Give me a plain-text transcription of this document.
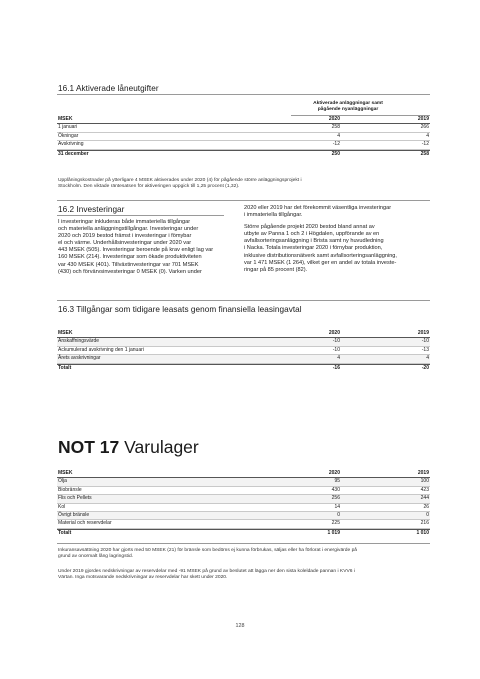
16.1 Aktiverade låneutgifter
Aktiverade anläggningar samt
pågående nyanläggningar
MSEK	2020	2019
1 januari	258	266
Ökningar	4	4
Avskrivning	-12	-12
31 december	250	258
Upplåningskostnader på ytterligare 4 MSEK aktiverades under 2020 (4) för pågående större anläggningsprojekt i
Stockholm. Den viktade räntesatsen för aktiveringen uppgick till 1,25 procent (1,32).
16.2 Investeringar
I investeringar inkluderas både immateriella tillgångar
och materiella anläggningstillgångar. Investeringar under
2020 och 2019 bestod främst i investeringar i fömybar
el och värme. Underhållsinvesteringar under 2020 var
443 MSEK (505). Investeringar beroende på krav enligt lag var
160 MSEK (214). Investeringar som ökade produktiviteten
var 430 MSEK (401). Tillväxtinvesteringar var 701 MSEK
(430) och förvärvsinvesteringar 0 MSEK (0). Varken under
2020 eller 2019 har det förekommit väsentliga investeringar
i immateriella tillgångar.
Större pågående projekt 2020 bestod bland annat av
utbyte av Panna 1 och 2 i Högdalen, uppförande av en
avfallsorteringsanläggning i Brista samt ny huvudledning
i Nacka. Totala investeringar 2020 i förnybar produktion,
inklusive distributionsnätverk samt avfallsorteringsanläggning,
var 1 471 MSEK (1 264), vilket ger en andel av totala investe-
ringar på 85 procent (82).
16.3 Tillgångar som tidigare leasats genom finansiella leasingavtal
MSEK	2020	2019
Anskaffningsvärde	-10	-10
Ackumulerad avskrivning den 1 januari	-10	-13
Årets avskrivningar	4	4
Totalt	-16	-20
NOT 17 Varulager
MSEK	2020	2019
Olja	95	100
Biobränsle	430	423
Flis och Pellets	256	244
Kol	14	26
Övrigt bränsle	0	0
Material och reservdelar	225	216
Totalt	1 019	1 010
Inkuransavsättning 2020 har gjorts med 50 MSEK (21) för bränsle som bedöms ej kunna förbrukas, säljas eller ha förlorat i energivärde på
grund av onormalt lång lagringstid.
Under 2019 gjordes nedskrivningar av reservdelar med -91 MSEK på grund av beslutet att lägga ner den sista koleldade pannan i KVV6 i
Värtan. Inga motsvarande nedskrivningar av reservdelar har skett under 2020.
128
